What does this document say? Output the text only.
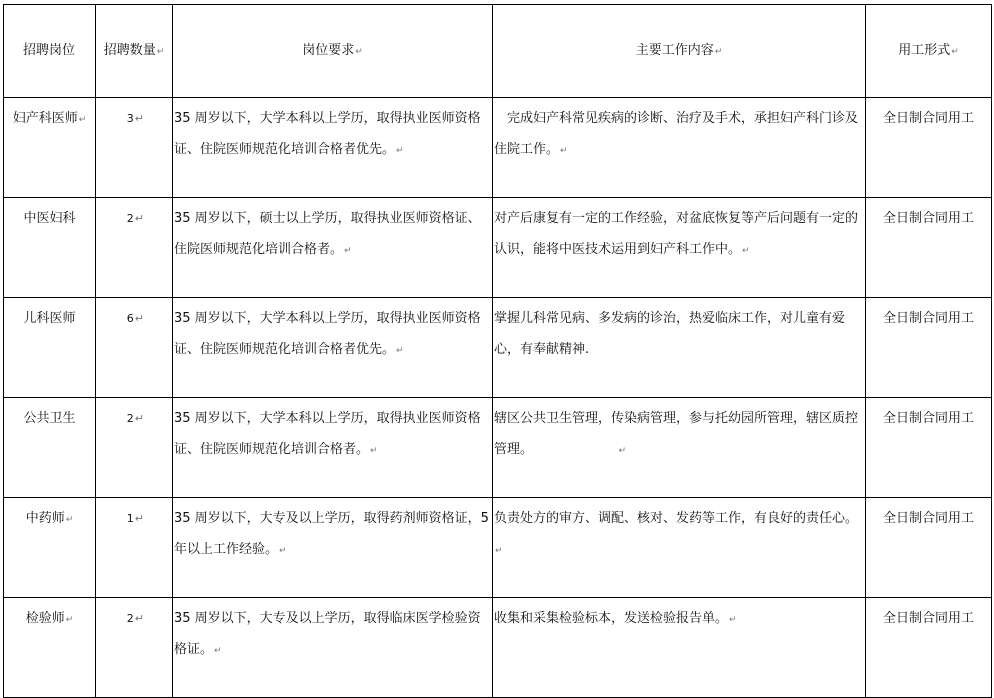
招聘岗位	招聘数量↵	岗位要求↵	主要工作内容↵	用工形式↵
妇产科医师↵	3↵	35 周岁以下，大学本科以上学历，取得执业医师资格证、住院医师规范化培训合格者优先。↵	　完成妇产科常见疾病的诊断、治疗及手术，承担妇产科门诊及住院工作。↵	全日制合同用工
中医妇科	2↵	35 周岁以下，硕士以上学历，取得执业医师资格证、住院医师规范化培训合格者。↵	对产后康复有一定的工作经验，对盆底恢复等产后问题有一定的认识，能将中医技术运用到妇产科工作中。↵	全日制合同用工
儿科医师	6↵	35 周岁以下，大学本科以上学历，取得执业医师资格证、住院医师规范化培训合格者优先。↵	掌握儿科常见病、多发病的诊治，热爱临床工作，对儿童有爱心，有奉献精神.	全日制合同用工
公共卫生	2↵	35 周岁以下，大学本科以上学历，取得执业医师资格证、住院医师规范化培训合格者。↵	辖区公共卫生管理，传染病管理，参与托幼园所管理，辖区质控管理。　　　　　　　 ↵	全日制合同用工
中药师↵	1↵	35 周岁以下，大专及以上学历，取得药剂师资格证，5 年以上工作经验。↵	负责处方的审方、调配、核对、发药等工作，有良好的责任心。↵	全日制合同用工
检验师↵	2↵	35 周岁以下，大专及以上学历，取得临床医学检验资格证。↵	收集和采集检验标本，发送检验报告单。↵	全日制合同用工
